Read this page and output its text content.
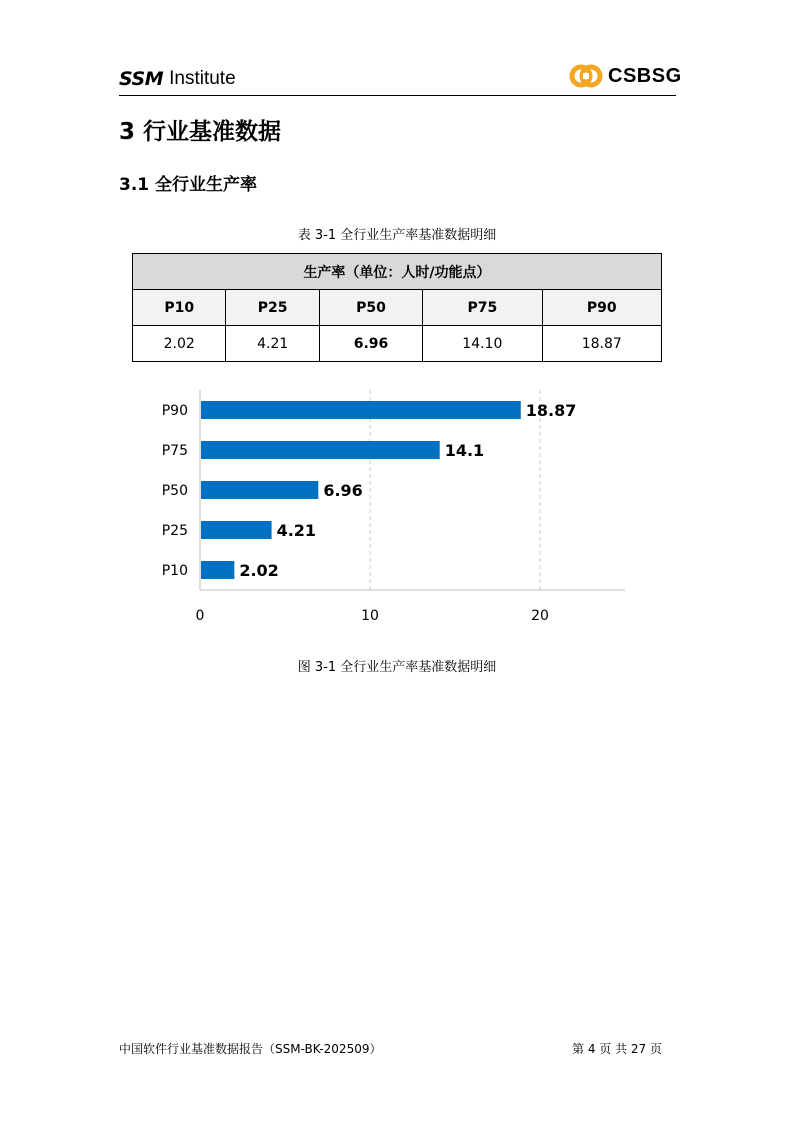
SSM Institute	CSBSG
3 行业基准数据
3.1 全行业生产率
表 3-1 全行业生产率基准数据明细
生产率（单位：人时/功能点）				
P10	P25	P50	P75	P90
2.02	4.21	6.96	14.10	18.87
0	10	20
P10	2.02
P25	4.21
P50	6.96
P75	14.1
P90	18.87
图 3-1 全行业生产率基准数据明细
中国软件行业基准数据报告（SSM-BK-202509）	第 4 页 共 27 页
